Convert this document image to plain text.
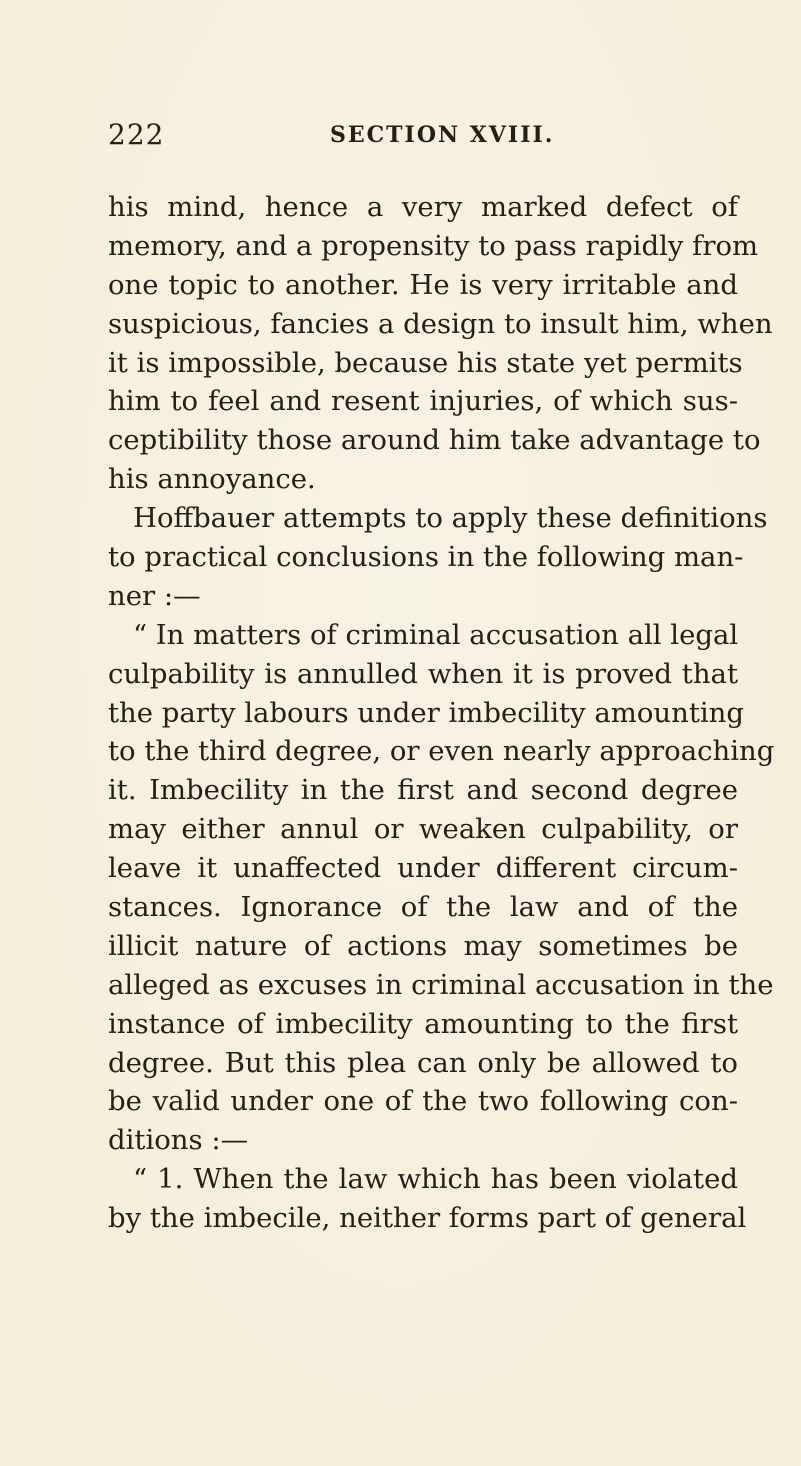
222	SECTION XVIII.
his mind, hence a very marked defect of
memory, and a propensity to pass rapidly from
one topic to another. He is very irritable and
suspicious, fancies a design to insult him, when
it is impossible, because his state yet permits
him to feel and resent injuries, of which sus-
ceptibility those around him take advantage to
his annoyance.
Hoffbauer attempts to apply these definitions
to practical conclusions in the following man-
ner :—
“ In matters of criminal accusation all legal
culpability is annulled when it is proved that
the party labours under imbecility amounting
to the third degree, or even nearly approaching
it. Imbecility in the first and second degree
may either annul or weaken culpability, or
leave it unaffected under different circum-
stances. Ignorance of the law and of the
illicit nature of actions may sometimes be
alleged as excuses in criminal accusation in the
instance of imbecility amounting to the first
degree. But this plea can only be allowed to
be valid under one of the two following con-
ditions :—
“ 1. When the law which has been violated
by the imbecile, neither forms part of general
